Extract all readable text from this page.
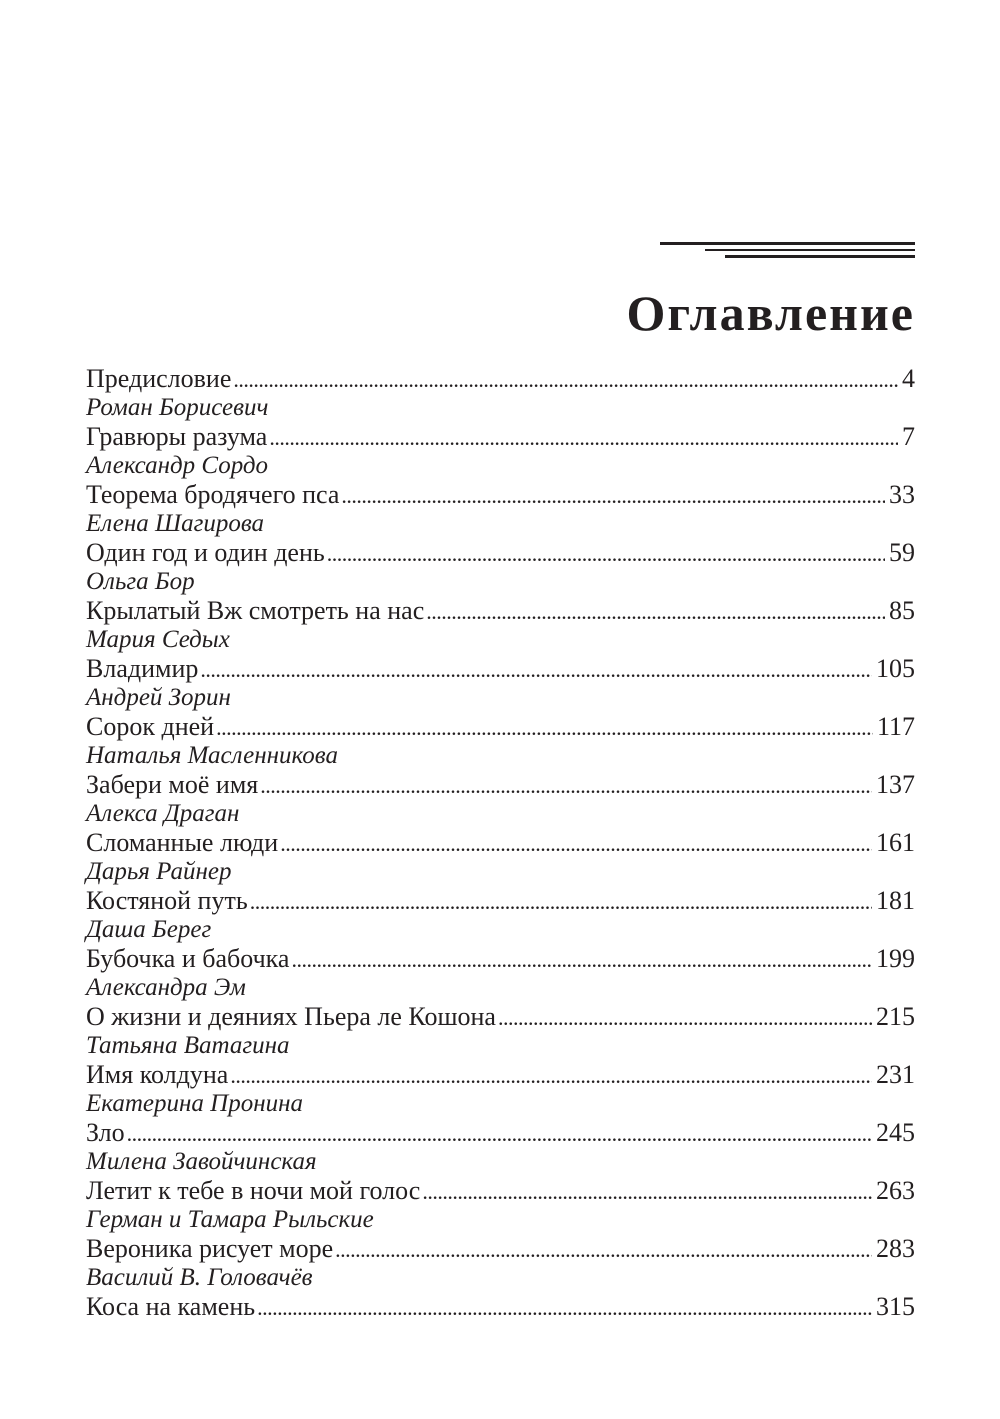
Оглавление
Предисловие . . .	4
Роман Борисевич
Гравюры разума . . .	7
Александр Сордо
Теорема бродячего пса . . .	33
Елена Шагирова
Один год и один день . . .	59
Ольга Бор
Крылатый Вж смотреть на нас . . .	85
Мария Седых
Владимир . . .	105
Андрей Зорин
Сорок дней . . .	117
Наталья Масленникова
Забери моё имя . . .	137
Алекса Драган
Сломанные люди . . .	161
Дарья Райнер
Костяной путь . . .	181
Даша Берег
Бубочка и бабочка . . .	199
Александра Эм
О жизни и деяниях Пьера ле Кошона . . .	215
Татьяна Ватагина
Имя колдуна . . .	231
Екатерина Пронина
Зло . . .	245
Милена Завойчинская
Летит к тебе в ночи мой голос . . .	263
Герман и Тамара Рыльские
Вероника рисует море . . .	283
Василий В. Головачёв
Коса на камень . . .	315
